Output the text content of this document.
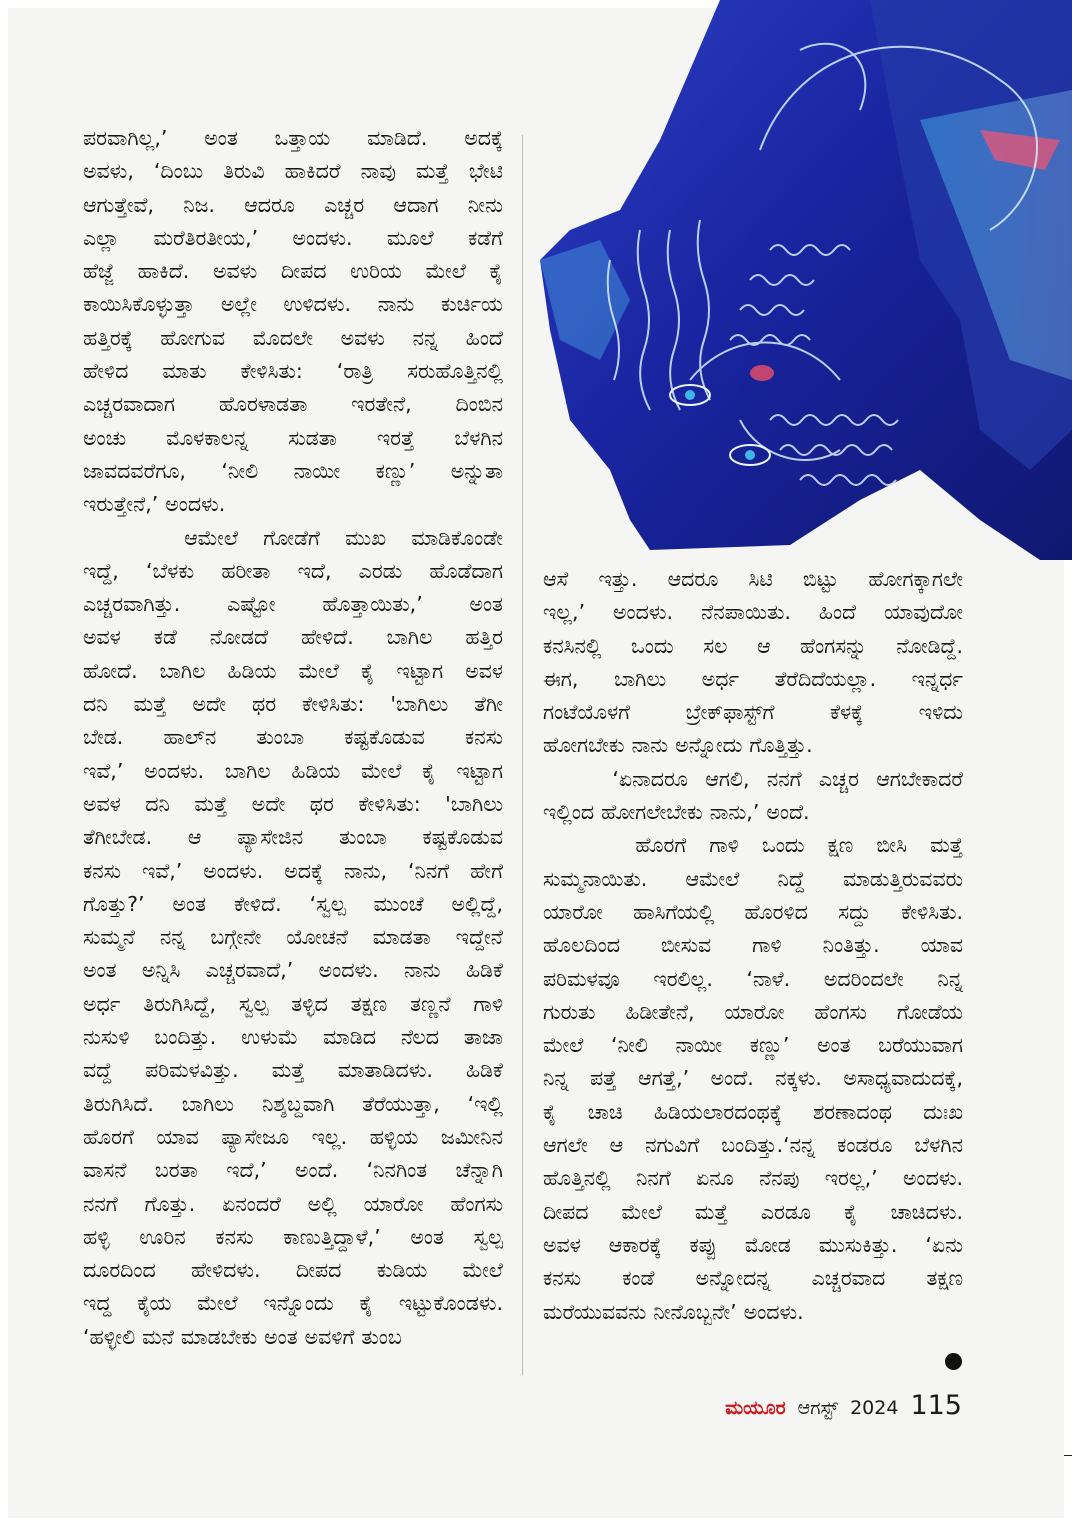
ಪರವಾಗಿಲ್ಲ,’ ಅಂತ ಒತ್ತಾಯ ಮಾಡಿದೆ. ಅದಕ್ಕೆ
ಅವಳು, ‘ದಿಂಬು ತಿರುವಿ ಹಾಕಿದರೆ ನಾವು ಮತ್ತೆ ಭೇಟಿ
ಆಗುತ್ತೇವೆ, ನಿಜ. ಆದರೂ ಎಚ್ಚರ ಆದಾಗ ನೀನು
ಎಲ್ಲಾ ಮರೆತಿರತೀಯ,’ ಅಂದಳು. ಮೂಲೆ ಕಡೆಗೆ
ಹೆಜ್ಜೆ ಹಾಕಿದೆ. ಅವಳು ದೀಪದ ಉರಿಯ ಮೇಲೆ ಕೈ
ಕಾಯಿಸಿಕೊಳ್ಳುತ್ತಾ ಅಲ್ಲೇ ಉಳಿದಳು. ನಾನು ಕುರ್ಚಿಯ
ಹತ್ತಿರಕ್ಕೆ ಹೋಗುವ ಮೊದಲೇ ಅವಳು ನನ್ನ ಹಿಂದೆ
ಹೇಳಿದ ಮಾತು ಕೇಳಿಸಿತು: ‘ರಾತ್ರಿ ಸರುಹೊತ್ತಿನಲ್ಲಿ
ಎಚ್ಚರವಾದಾಗ ಹೊರಳಾಡತಾ ಇರತೇನೆ, ದಿಂಬಿನ
ಅಂಚು ಮೊಳಕಾಲನ್ನ ಸುಡತಾ ಇರತ್ತೆ ಬೆಳಗಿನ
ಜಾವದವರೆಗೂ, ‘ನೀಲಿ ನಾಯೀ ಕಣ್ಣು’ ಅನ್ನುತಾ
ಇರುತ್ತೇನೆ,’ ಅಂದಳು.
ಆಮೇಲೆ ಗೋಡೆಗೆ ಮುಖ ಮಾಡಿಕೊಂಡೇ
ಇದ್ದೆ, ‘ಬೆಳಕು ಹರೀತಾ ಇದೆ, ಎರಡು ಹೊಡೆದಾಗ
ಎಚ್ಚರವಾಗಿತ್ತು. ಎಷ್ಟೋ ಹೊತ್ತಾಯಿತು,’ ಅಂತ
ಅವಳ ಕಡೆ ನೋಡದೆ ಹೇಳಿದೆ. ಬಾಗಿಲ ಹತ್ತಿರ
ಹೋದೆ. ಬಾಗಿಲ ಹಿಡಿಯ ಮೇಲೆ ಕೈ ಇಟ್ಟಾಗ ಅವಳ
ದನಿ ಮತ್ತೆ ಅದೇ ಥರ ಕೇಳಿಸಿತು: 'ಬಾಗಿಲು ತೆಗೀ
ಬೇಡ. ಹಾಲ್‌ನ ತುಂಬಾ ಕಷ್ಟಕೊಡುವ ಕನಸು
ಇವೆ,’ ಅಂದಳು. ಬಾಗಿಲ ಹಿಡಿಯ ಮೇಲೆ ಕೈ ಇಟ್ಟಾಗ
ಅವಳ ದನಿ ಮತ್ತೆ ಅದೇ ಥರ ಕೇಳಿಸಿತು: 'ಬಾಗಿಲು
ತೆಗೀಬೇಡ. ಆ ಪ್ಯಾಸೇಜಿನ ತುಂಬಾ ಕಷ್ಟಕೊಡುವ
ಕನಸು ಇವೆ,’ ಅಂದಳು. ಅದಕ್ಕೆ ನಾನು, ‘ನಿನಗೆ ಹೇಗೆ
ಗೊತ್ತು?’ ಅಂತ ಕೇಳಿದೆ. ‘ಸ್ವಲ್ಪ ಮುಂಚೆ ಅಲ್ಲಿದ್ದೆ,
ಸುಮ್ಮನೆ ನನ್ನ ಬಗ್ಗೇನೇ ಯೋಚನೆ ಮಾಡತಾ ಇದ್ದೇನೆ
ಅಂತ ಅನ್ನಿಸಿ ಎಚ್ಚರವಾದೆ,’ ಅಂದಳು. ನಾನು ಹಿಡಿಕೆ
ಅರ್ಧ ತಿರುಗಿಸಿದ್ದೆ, ಸ್ವಲ್ಪ ತಳ್ಳಿದ ತಕ್ಷಣ ತಣ್ಣನೆ ಗಾಳಿ
ನುಸುಳಿ ಬಂದಿತ್ತು. ಉಳುಮೆ ಮಾಡಿದ ನೆಲದ ತಾಜಾ
ವದ್ದೆ ಪರಿಮಳವಿತ್ತು. ಮತ್ತೆ ಮಾತಾಡಿದಳು. ಹಿಡಿಕೆ
ತಿರುಗಿಸಿದೆ. ಬಾಗಿಲು ನಿಶ್ಶಬ್ದವಾಗಿ ತೆರೆಯುತ್ತಾ, ‘ಇಲ್ಲಿ
ಹೊರಗೆ ಯಾವ ಪ್ಯಾಸೇಜೂ ಇಲ್ಲ. ಹಳ್ಳಿಯ ಜಮೀನಿನ
ವಾಸನೆ ಬರತಾ ಇದೆ,’ ಅಂದೆ. ‘ನಿನಗಿಂತ ಚೆನ್ನಾಗಿ
ನನಗೆ ಗೊತ್ತು. ಏನಂದರೆ ಅಲ್ಲಿ ಯಾರೋ ಹೆಂಗಸು
ಹಳ್ಳಿ ಊರಿನ ಕನಸು ಕಾಣುತ್ತಿದ್ದಾಳೆ,’ ಅಂತ ಸ್ವಲ್ಪ
ದೂರದಿಂದ ಹೇಳಿದಳು. ದೀಪದ ಕುಡಿಯ ಮೇಲೆ
ಇದ್ದ ಕೈಯ ಮೇಲೆ ಇನ್ನೊಂದು ಕೈ ಇಟ್ಟುಕೊಂಡಳು.
‘ಹಳ್ಳೀಲಿ ಮನೆ ಮಾಡಬೇಕು ಅಂತ ಅವಳಿಗೆ ತುಂಬ
ಆಸೆ ಇತ್ತು. ಆದರೂ ಸಿಟಿ ಬಿಟ್ಟು ಹೋಗಕ್ಕಾಗಲೇ
ಇಲ್ಲ,’ ಅಂದಳು. ನೆನಪಾಯಿತು. ಹಿಂದೆ ಯಾವುದೋ
ಕನಸಿನಲ್ಲಿ ಒಂದು ಸಲ ಆ ಹೆಂಗಸನ್ನು ನೋಡಿದ್ದೆ.
ಈಗ, ಬಾಗಿಲು ಅರ್ಧ ತೆರೆದಿದೆಯಲ್ಲಾ. ಇನ್ನರ್ಧ
ಗಂಟೆಯೊಳಗೆ ಬ್ರೇಕ್‌ಫಾಸ್ಟ್‌ಗೆ ಕೆಳಕ್ಕೆ ಇಳಿದು
ಹೋಗಬೇಕು ನಾನು ಅನ್ನೋದು ಗೊತ್ತಿತ್ತು.
‘ಏನಾದರೂ ಆಗಲಿ, ನನಗೆ ಎಚ್ಚರ ಆಗಬೇಕಾದರೆ
ಇಲ್ಲಿಂದ ಹೋಗಲೇಬೇಕು ನಾನು,’ ಅಂದೆ.
ಹೊರಗೆ ಗಾಳಿ ಒಂದು ಕ್ಷಣ ಬೀಸಿ ಮತ್ತೆ
ಸುಮ್ಮನಾಯಿತು. ಆಮೇಲೆ ನಿದ್ದೆ ಮಾಡುತ್ತಿರುವವರು
ಯಾರೋ ಹಾಸಿಗೆಯಲ್ಲಿ ಹೊರಳಿದ ಸದ್ದು ಕೇಳಿಸಿತು.
ಹೊಲದಿಂದ ಬೀಸುವ ಗಾಳಿ ನಿಂತಿತ್ತು. ಯಾವ
ಪರಿಮಳವೂ ಇರಲಿಲ್ಲ. ‘ನಾಳೆ. ಅದರಿಂದಲೇ ನಿನ್ನ
ಗುರುತು ಹಿಡೀತೇನೆ, ಯಾರೋ ಹೆಂಗಸು ಗೋಡೆಯ
ಮೇಲೆ ‘ನೀಲಿ ನಾಯೀ ಕಣ್ಣು’ ಅಂತ ಬರೆಯುವಾಗ
ನಿನ್ನ ಪತ್ತೆ ಆಗತ್ತೆ,’ ಅಂದೆ. ನಕ್ಕಳು. ಅಸಾಧ್ಯವಾದುದಕ್ಕೆ,
ಕೈ ಚಾಚಿ ಹಿಡಿಯಲಾರದಂಥಕ್ಕೆ ಶರಣಾದಂಥ ದುಃಖ
ಆಗಲೇ ಆ ನಗುವಿಗೆ ಬಂದಿತ್ತು.‘ನನ್ನ ಕಂಡರೂ ಬೆಳಗಿನ
ಹೊತ್ತಿನಲ್ಲಿ ನಿನಗೆ ಏನೂ ನೆನಪು ಇರಲ್ಲ,’ ಅಂದಳು.
ದೀಪದ ಮೇಲೆ ಮತ್ತೆ ಎರಡೂ ಕೈ ಚಾಚಿದಳು.
ಅವಳ ಆಕಾರಕ್ಕೆ ಕಪ್ಪು ಮೋಡ ಮುಸುಕಿತ್ತು. ‘ಏನು
ಕನಸು ಕಂಡೆ ಅನ್ನೋದನ್ನ ಎಚ್ಚರವಾದ ತಕ್ಷಣ
ಮರೆಯುವವನು ನೀನೊಬ್ಬನೇ’ ಅಂದಳು.
ಮಯೂರ ಆಗಸ್ಟ್ 2024 115
